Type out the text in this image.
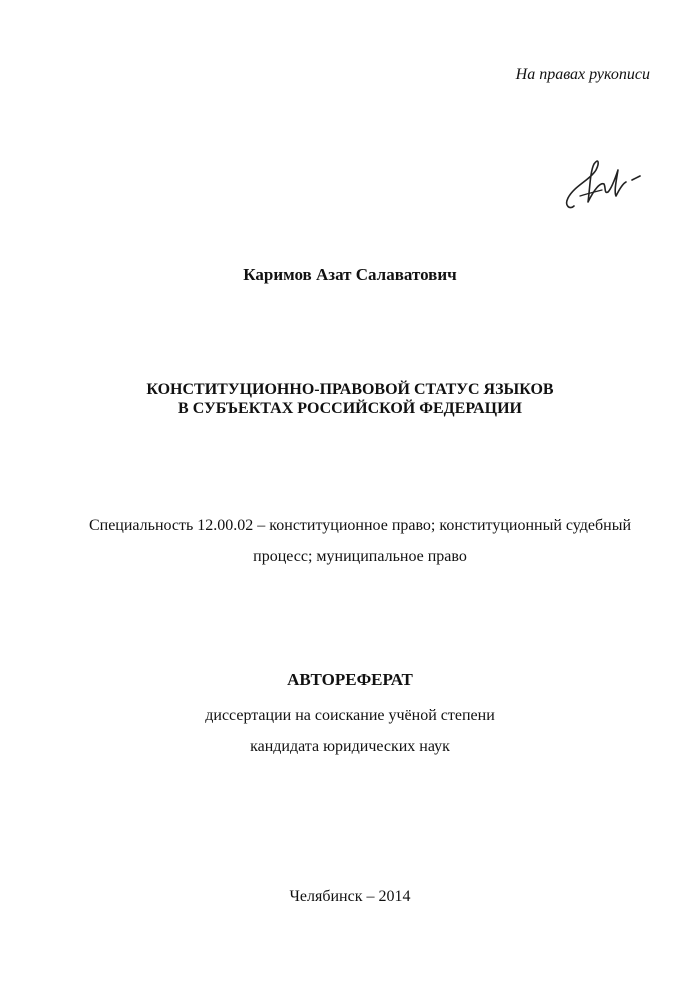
На правах рукописи
Каримов Азат Салаватович
КОНСТИТУЦИОННО-ПРАВОВОЙ СТАТУС ЯЗЫКОВ
В СУБЪЕКТАХ РОССИЙСКОЙ ФЕДЕРАЦИИ
Специальность 12.00.02 – конституционное право; конституционный судебный
процесс; муниципальное право
АВТОРЕФЕРАТ
диссертации на соискание учёной степени
кандидата юридических наук
Челябинск – 2014
